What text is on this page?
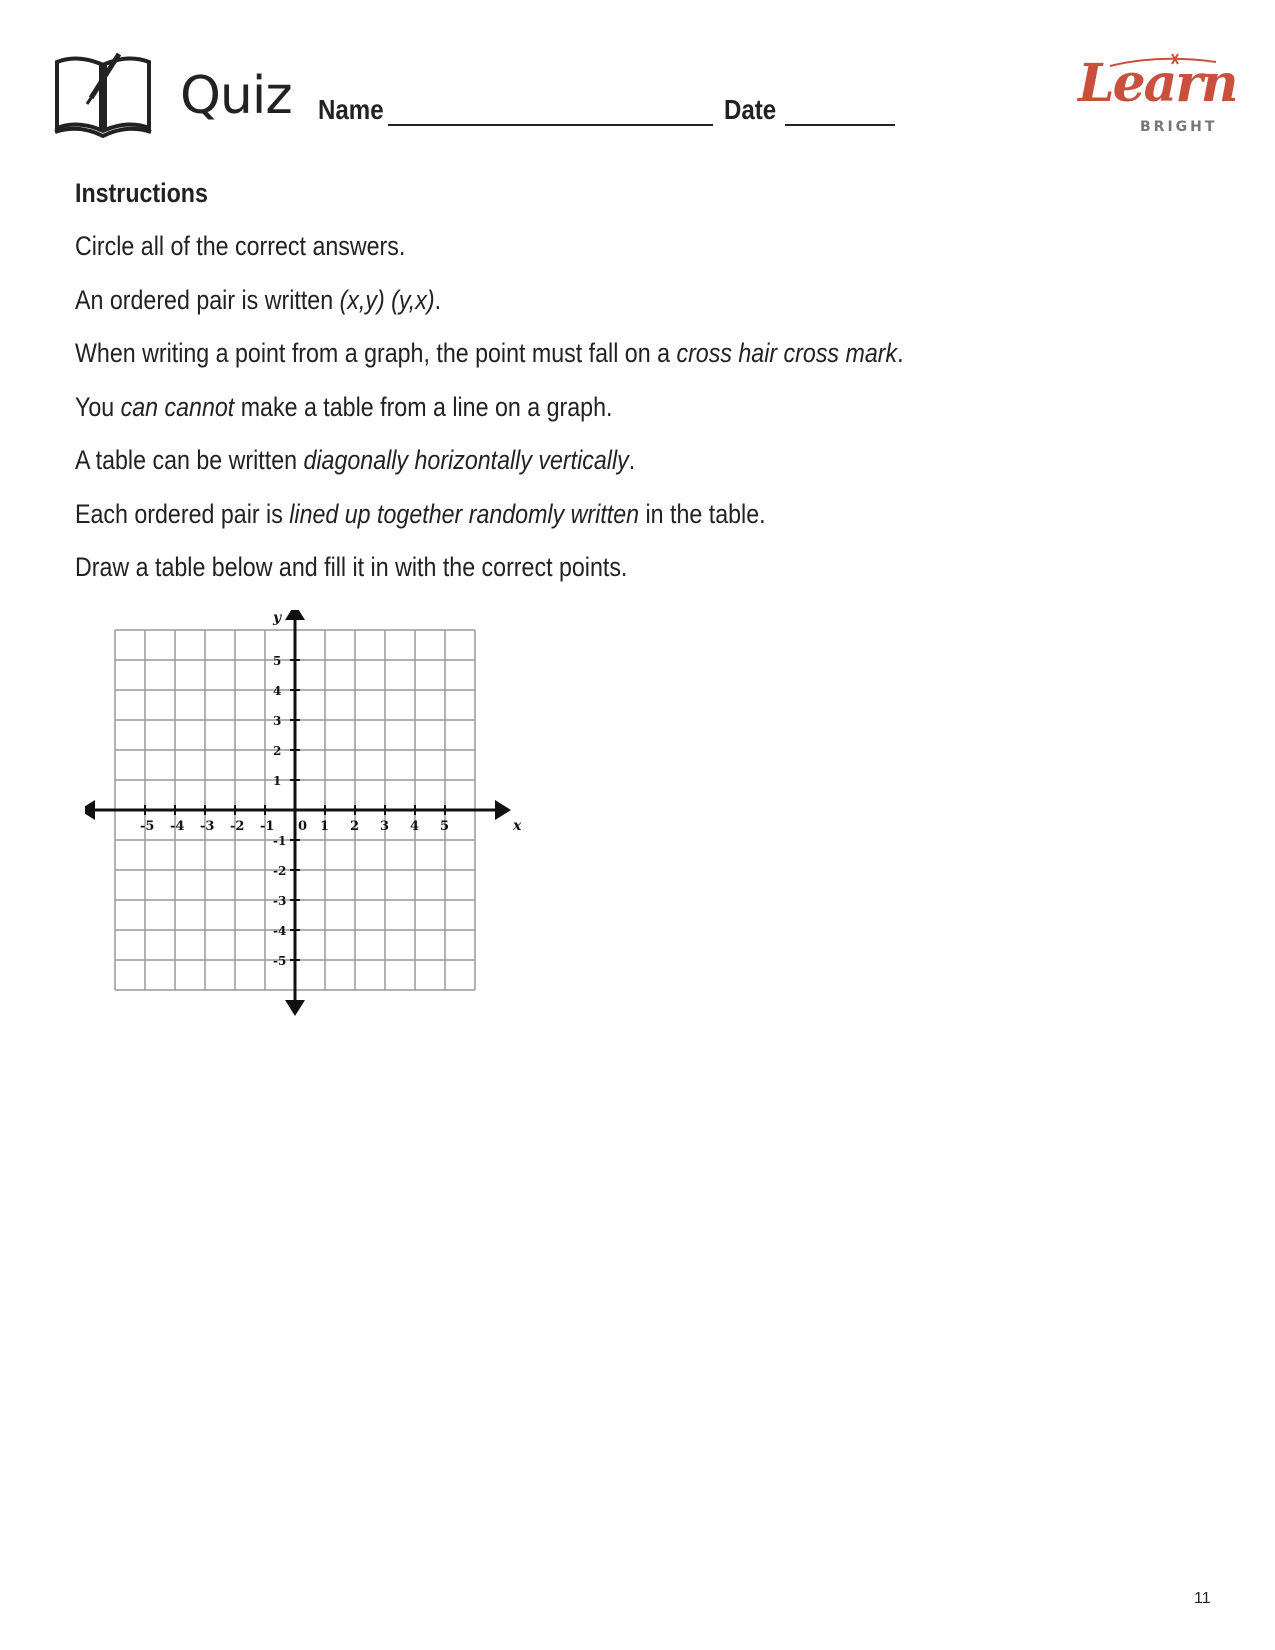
Quiz Name	Date	Learn
BRIGHT
Instructions
Circle all of the correct answers.
An ordered pair is written (x,y) (y,x).
When writing a point from a graph, the point must fall on a cross hair cross mark.
You can cannot make a table from a line on a graph.
A table can be written diagonally horizontally vertically.
Each ordered pair is lined up together randomly written in the table.
Draw a table below and fill it in with the correct points.
x
y
-5 -4 -3 -2 -1 0 1 2 3 4 5
5
4
3
2
1
-1
-2
-3
-4
-5
11
